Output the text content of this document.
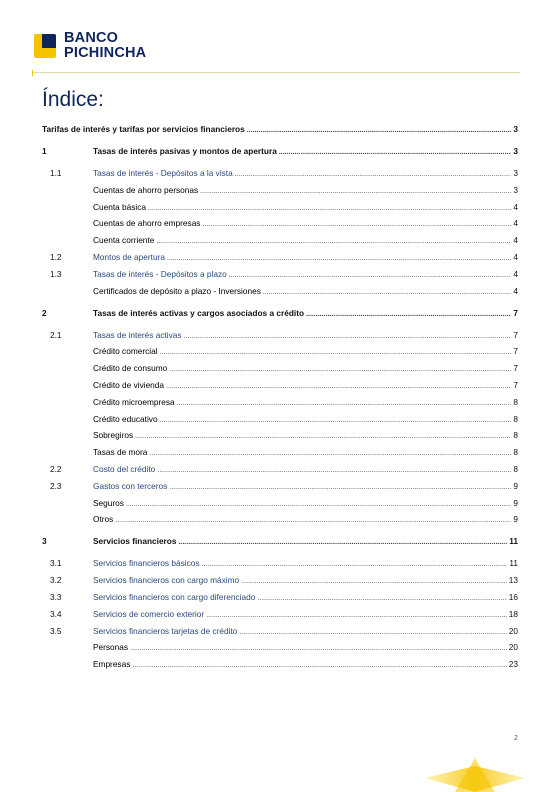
BANCO
PICHINCHA
Índice:
Tarifas de interés y tarifas por servicios financieros .....	3
1	Tasas de interés pasivas y montos de apertura .....	3
1.1	Tasas de interés - Depósitos a la vista .....	3
Cuentas de ahorro personas .....	3
Cuenta básica .....	4
Cuentas de ahorro empresas .....	4
Cuenta corriente .....	4
1.2	Montos de apertura .....	4
1.3	Tasas de interés - Depósitos a plazo .....	4
Certificados de depósito a plazo - Inversiones .....	4
2	Tasas de interés activas y cargos asociados a crédito .....	7
2.1	Tasas de interés activas .....	7
Crédito comercial .....	7
Crédito de consumo .....	7
Crédito de vivienda .....	7
Crédito microempresa .....	8
Crédito educativo .....	8
Sobregiros .....	8
Tasas de mora .....	8
2.2	Costo del crédito .....	8
2.3	Gastos con terceros .....	9
Seguros .....	9
Otros .....	9
3	Servicios financieros .....	11
3.1	Servicios financieros básicos .....	11
3.2	Servicios financieros con cargo máximo .....	13
3.3	Servicios financieros con cargo diferenciado .....	16
3.4	Servicios de comercio exterior .....	18
3.5	Servicios financieros tarjetas de crédito .....	20
Personas .....	20
Empresas .....	23
2
